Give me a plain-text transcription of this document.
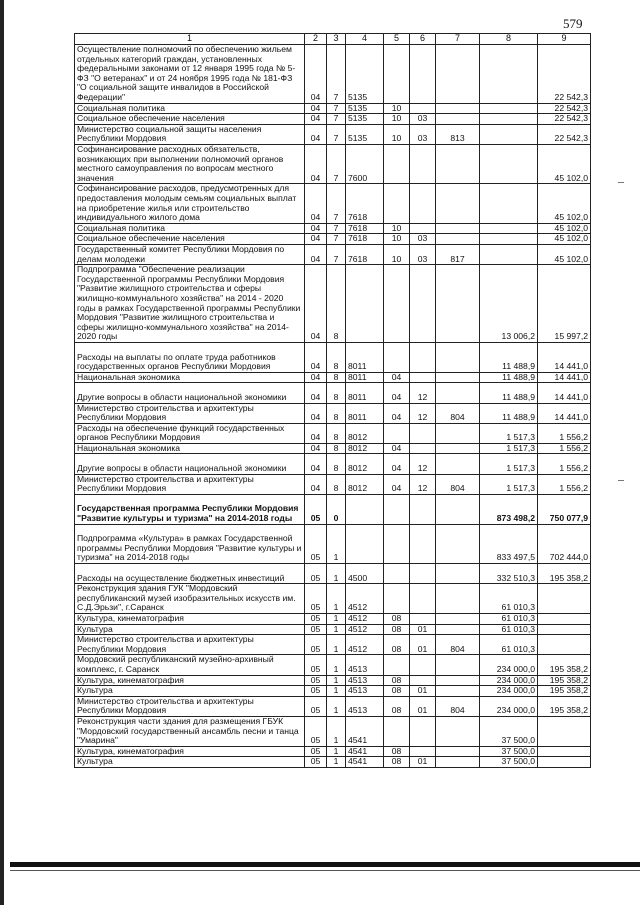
579
1	2	3	4	5	6	7	8	9
Осуществление полномочий по обеспечению жильем отдельных категорий граждан, установленных федеральными законами от 12 января 1995 года № 5-ФЗ "О ветеранах" и от 24 ноября 1995 года № 181-ФЗ "О социальной защите инвалидов в Российской Федерации"	04	7	5135					22 542,3
Социальная политика	04	7	5135	10				22 542,3
Социальное обеспечение населения	04	7	5135	10	03			22 542,3
Министерство социальной защиты населения Республики Мордовия	04	7	5135	10	03	813		22 542,3
Софинансирование расходных обязательств, возникающих при выполнении полномочий органов местного самоуправления по вопросам местного значения	04	7	7600					45 102,0
Софинансирование расходов, предусмотренных для предоставления молодым семьям социальных выплат на приобретение жилья или строительство индивидуального жилого дома	04	7	7618					45 102,0
Социальная политика	04	7	7618	10				45 102,0
Социальное обеспечение населения	04	7	7618	10	03			45 102,0
Государственный комитет Республики Мордовия по делам молодежи	04	7	7618	10	03	817		45 102,0
Подпрограмма "Обеспечение реализации Государственной программы Республики Мордовия "Развитие жилищного строительства и сферы жилищно-коммунального хозяйства" на 2014 - 2020 годы в рамках Государственной программы Республики Мордовия "Развитие жилищного строительства и сферы жилищно-коммунального хозяйства" на 2014-2020 годы	04	8					13 006,2	15 997,2
Расходы на выплаты по оплате труда работников государственных органов Республики Мордовия	04	8	8011				11 488,9	14 441,0
Национальная экономика	04	8	8011	04			11 488,9	14 441,0
Другие вопросы в области национальной экономики	04	8	8011	04	12		11 488,9	14 441,0
Министерство строительства и архитектуры Республики Мордовия	04	8	8011	04	12	804	11 488,9	14 441,0
Расходы на обеспечение функций государственных органов Республики Мордовия	04	8	8012				1 517,3	1 556,2
Национальная экономика	04	8	8012	04			1 517,3	1 556,2
Другие вопросы в области национальной экономики	04	8	8012	04	12		1 517,3	1 556,2
Министерство строительства и архитектуры Республики Мордовия	04	8	8012	04	12	804	1 517,3	1 556,2
Государственная программа Республики Мордовия "Развитие культуры и туризма" на 2014-2018 годы	05	0					873 498,2	750 077,9
Подпрограмма «Культура» в рамках Государственной программы Республики Мордовия "Развитие культуры и туризма" на 2014-2018 годы	05	1					833 497,5	702 444,0
Расходы на осуществление бюджетных инвестиций	05	1	4500				332 510,3	195 358,2
Реконструкция здания ГУК "Мордовский республиканский музей изобразительных искусств им. С.Д.Эрьзи", г.Саранск	05	1	4512				61 010,3	
Культура, кинематография	05	1	4512	08			61 010,3	
Культура	05	1	4512	08	01		61 010,3	
Министерство строительства и архитектуры Республики Мордовия	05	1	4512	08	01	804	61 010,3	
Мордовский республиканский музейно-архивный комплекс, г. Саранск	05	1	4513				234 000,0	195 358,2
Культура, кинематография	05	1	4513	08			234 000,0	195 358,2
Культура	05	1	4513	08	01		234 000,0	195 358,2
Министерство строительства и архитектуры Республики Мордовия	05	1	4513	08	01	804	234 000,0	195 358,2
Реконструкция части здания для размещения ГБУК "Мордовский государственный ансамбль песни и танца "Умарина"	05	1	4541				37 500,0	
Культура, кинематография	05	1	4541	08			37 500,0	
Культура	05	1	4541	08	01		37 500,0	
